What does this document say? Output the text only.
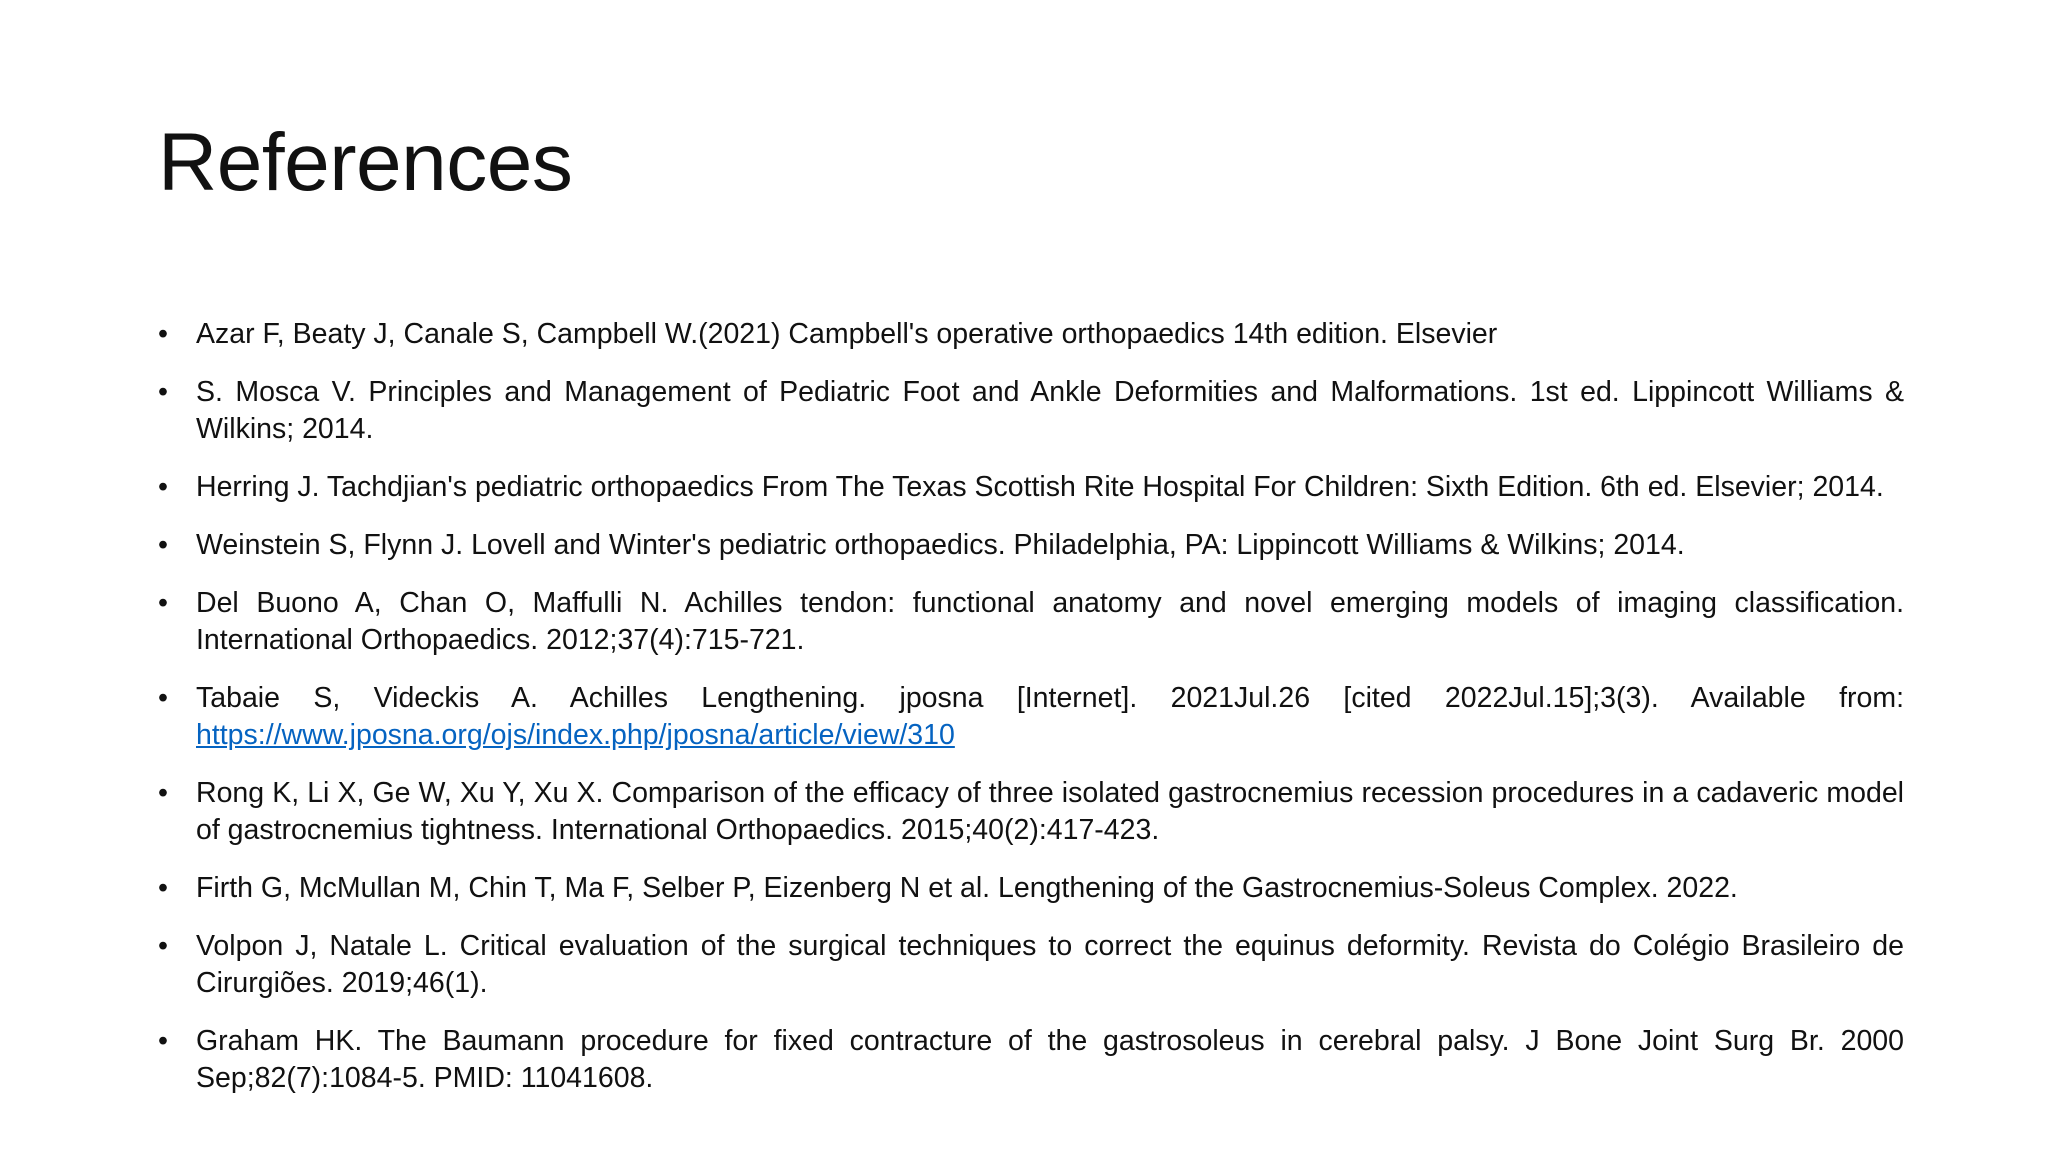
References
• Azar F, Beaty J, Canale S, Campbell W.(2021) Campbell's operative orthopaedics 14th edition. Elsevier
• S. Mosca V. Principles and Management of Pediatric Foot and Ankle Deformities and Malformations. 1st ed. Lippincott Williams & Wilkins; 2014.
• Herring J. Tachdjian's pediatric orthopaedics From The Texas Scottish Rite Hospital For Children: Sixth Edition. 6th ed. Elsevier; 2014.
• Weinstein S, Flynn J. Lovell and Winter's pediatric orthopaedics. Philadelphia, PA: Lippincott Williams & Wilkins; 2014.
• Del Buono A, Chan O, Maffulli N. Achilles tendon: functional anatomy and novel emerging models of imaging classification. International Orthopaedics. 2012;37(4):715-721.
• Tabaie S, Videckis A. Achilles Lengthening. jposna [Internet]. 2021Jul.26 [cited 2022Jul.15];3(3). Available from: https://www.jposna.org/ojs/index.php/jposna/article/view/310
• Rong K, Li X, Ge W, Xu Y, Xu X. Comparison of the efficacy of three isolated gastrocnemius recession procedures in a cadaveric model of gastrocnemius tightness. International Orthopaedics. 2015;40(2):417-423.
• Firth G, McMullan M, Chin T, Ma F, Selber P, Eizenberg N et al. Lengthening of the Gastrocnemius-Soleus Complex. 2022.
• Volpon J, Natale L. Critical evaluation of the surgical techniques to correct the equinus deformity. Revista do Colégio Brasileiro de Cirurgiões. 2019;46(1).
• Graham HK. The Baumann procedure for fixed contracture of the gastrosoleus in cerebral palsy. J Bone Joint Surg Br. 2000 Sep;82(7):1084-5. PMID: 11041608.
